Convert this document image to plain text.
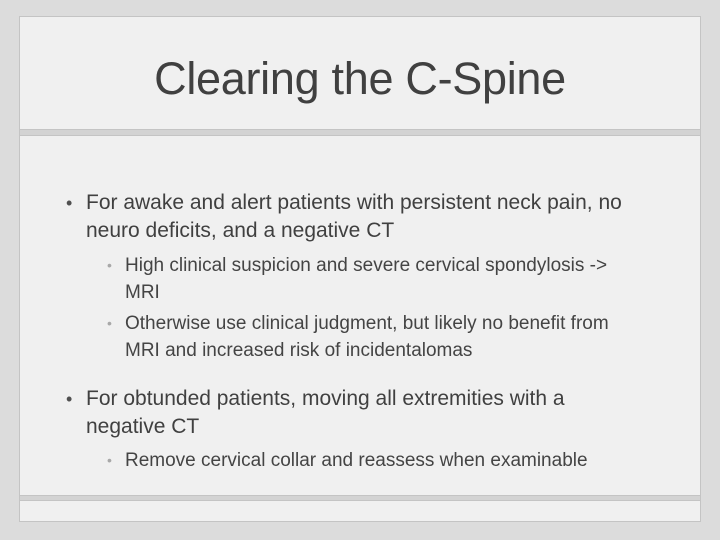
Clearing the C-Spine
• For awake and alert patients with persistent neck pain, no neuro deficits, and a negative CT
• High clinical suspicion and severe cervical spondylosis -> MRI
• Otherwise use clinical judgment, but likely no benefit from MRI and increased risk of incidentalomas
• For obtunded patients, moving all extremities with a negative CT
• Remove cervical collar and reassess when examinable
